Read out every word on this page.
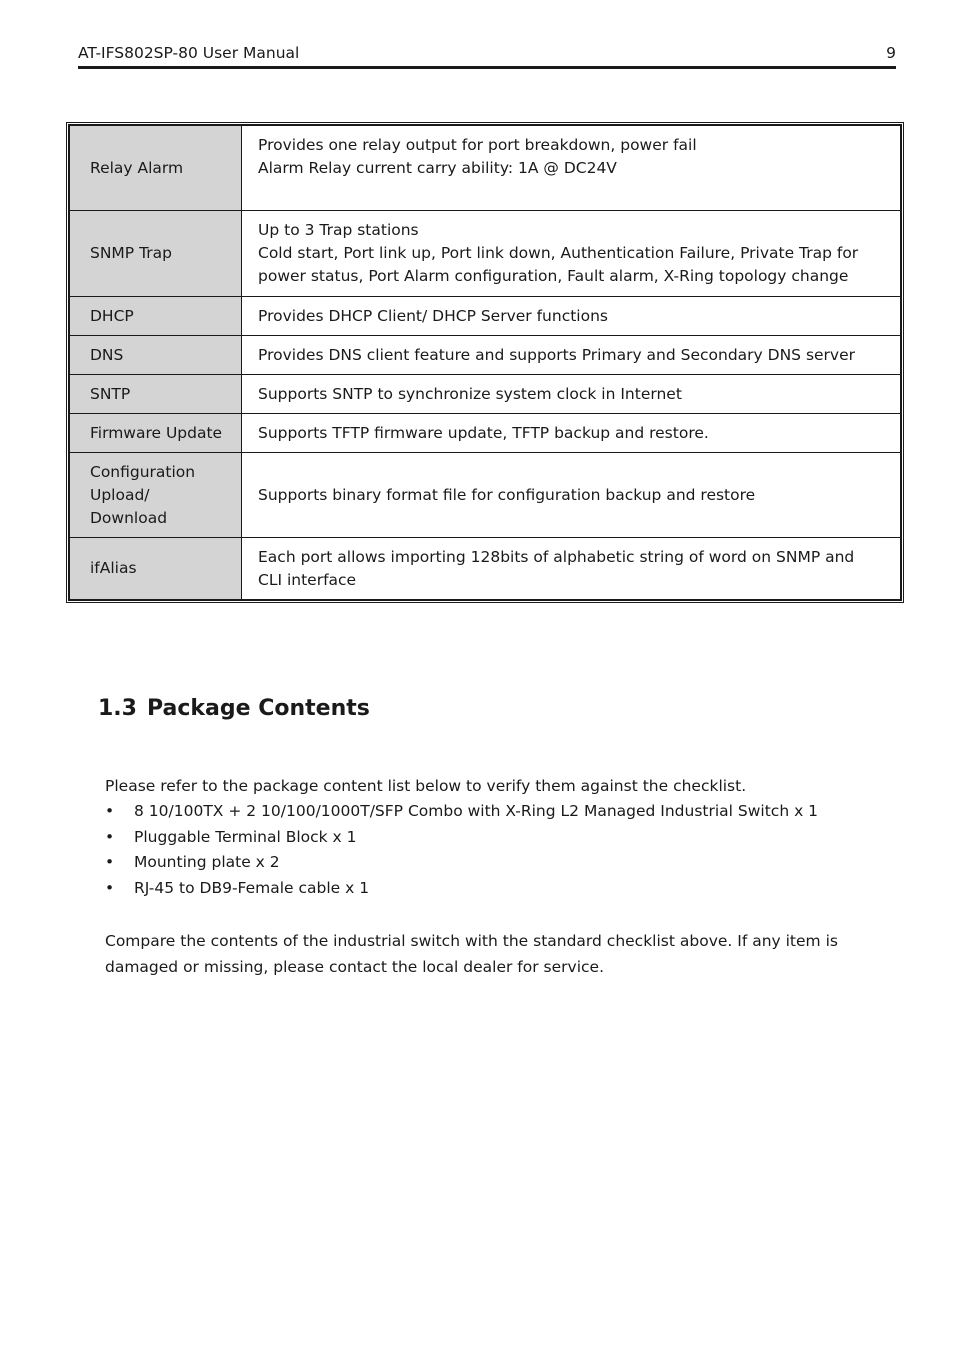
AT-IFS802SP-80 User Manual	9
Relay Alarm	Provides one relay output for port breakdown, power fail
Alarm Relay current carry ability: 1A @ DC24V

SNMP Trap	Up to 3 Trap stations
Cold start, Port link up, Port link down, Authentication Failure, Private Trap for
power status, Port Alarm configuration, Fault alarm, X-Ring topology change

DHCP	Provides DHCP Client/ DHCP Server functions

DNS	Provides DNS client feature and supports Primary and Secondary DNS server

SNTP	Supports SNTP to synchronize system clock in Internet

Firmware Update	Supports TFTP firmware update, TFTP backup and restore.

Configuration
Upload/
Download	Supports binary format file for configuration backup and restore

ifAlias	Each port allows importing 128bits of alphabetic string of word on SNMP and
CLI interface
1.3 Package Contents

Please refer to the package content list below to verify them against the checklist.

•	8 10/100TX + 2 10/100/1000T/SFP Combo with X-Ring L2 Managed Industrial Switch x 1
•	Pluggable Terminal Block x 1
•	Mounting plate x 2
•	RJ-45 to DB9-Female cable x 1

Compare the contents of the industrial switch with the standard checklist above. If any item is damaged or missing, please contact the local dealer for service.
